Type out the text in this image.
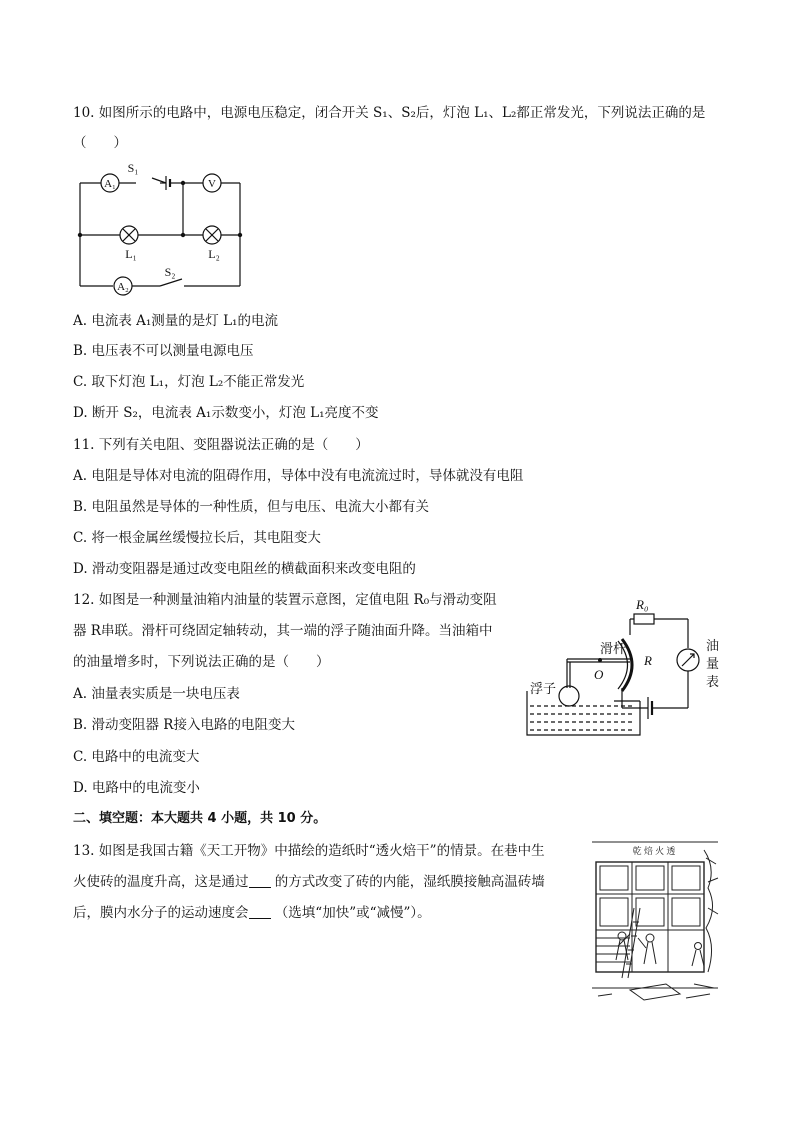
10. 如图所示的电路中，电源电压稳定，闭合开关 S₁、S₂后，灯泡 L₁、L₂都正常发光，下列说法正确的是
（　　）
A₁	V
A₂
S₁
S₂
L₁	L₂
A. 电流表 A₁测量的是灯 L₁的电流
B. 电压表不可以测量电源电压
C. 取下灯泡 L₁，灯泡 L₂不能正常发光
D. 断开 S₂，电流表 A₁示数变小，灯泡 L₁亮度不变
11. 下列有关电阻、变阻器说法正确的是（　　）
A. 电阻是导体对电流的阻碍作用，导体中没有电流流过时，导体就没有电阻
B. 电阻虽然是导体的一种性质，但与电压、电流大小都有关
C. 将一根金属丝缓慢拉长后，其电阻变大
D. 滑动变阻器是通过改变电阻丝的横截面积来改变电阻的
12. 如图是一种测量油箱内油量的装置示意图，定值电阻 R₀与滑动变阻
器 R串联。滑杆可绕固定轴转动，其一端的浮子随油面升降。当油箱中
的油量增多时，下列说法正确的是（　　）
R₀
滑杆
R
O
浮子
油
量
表
A. 油量表实质是一块电压表
B. 滑动变阻器 R接入电路的电阻变大
C. 电路中的电流变大
D. 电路中的电流变小
二、填空题：本大题共 4 小题，共 10 分。
13. 如图是我国古籍《天工开物》中描绘的造纸时“透火焙干”的情景。在巷中生
火使砖的温度升高，这是通过 的方式改变了砖的内能，湿纸膜接触高温砖墙
后，膜内水分子的运动速度会 （选填“加快”或“减慢”）。
乾 焙 火 透
